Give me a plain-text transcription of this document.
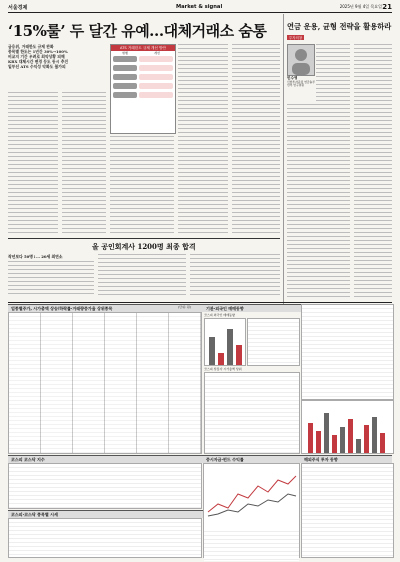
서울경제	Market & signal	2025년 9월 4일 목요일 21
‘15%룰’ 두 달간 유예…대체거래소 숨통
금융위, 거래한도 규제 완화
종목별 한도는 1년간 30%→100%
비교지 기간 우려로 최악상황 피해
KRX 대체시간 변경 등도 동시 추진
일부선 ATS 수익성 악화도 불가피
ATS 거래한도 규제 개선 방안
현행	개선
올 공인회계사 1200명 최종 합격
작년보다 50명↓… 20세 최연소
연금 운용, 균형 전략을 활용하라
투자의창
민수영
신한투자증권 연금솔루션부 연구위원
업종별주가, 시가총액 상승/하락률·거래량증가율 상위종목	(단위: 원)	기관·외국인 매매동향
코스피 외국인 매매동향
코스피 상장사 시가총액 상위
코스피 코스닥 지수
코스피·코스닥 종목별 시세
증시자금·펀드 수익률	해외주식 투자 동향
